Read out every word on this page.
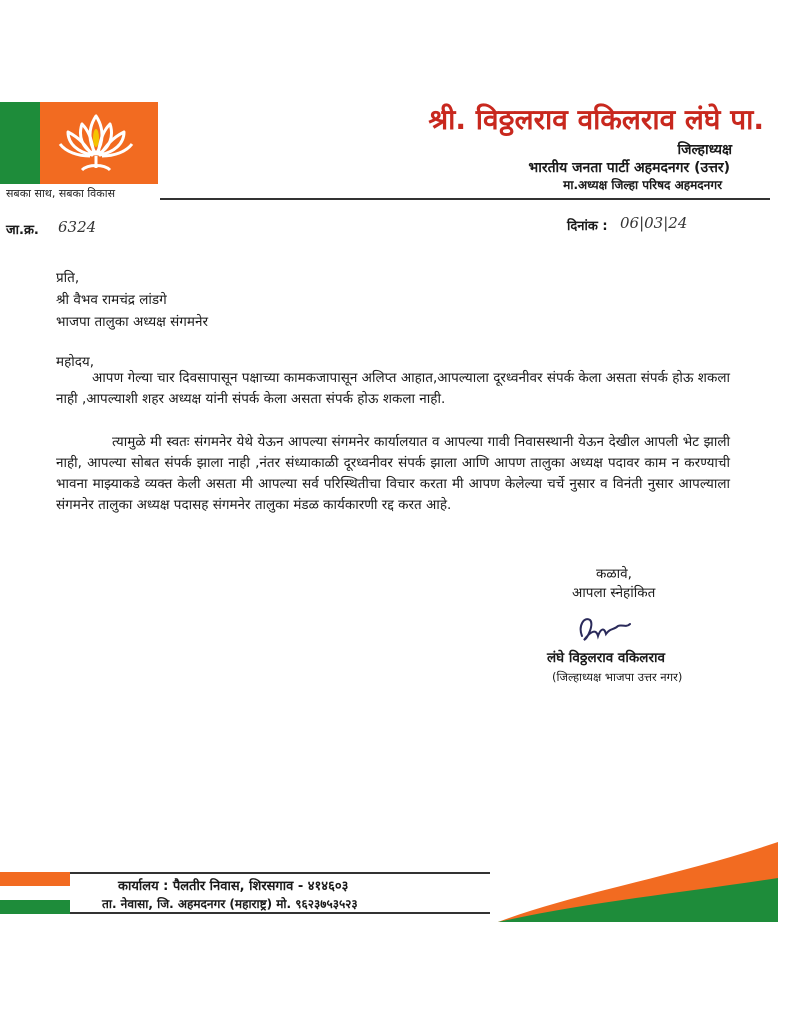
सबका साथ, सबका विकास
श्री. विठ्ठलराव वकिलराव लंघे पा.
जिल्हाध्यक्ष
भारतीय जनता पार्टी अहमदनगर (उत्तर)
मा.अध्यक्ष जिल्हा परिषद अहमदनगर
जा.क्र. 6324	दिनांक : 06|03|24
प्रति,
श्री वैभव रामचंद्र लांडगे
भाजपा तालुका अध्यक्ष संगमनेर
महोदय,
आपण गेल्या चार दिवसापासून पक्षाच्या कामकजापासून अलिप्त आहात,आपल्याला दूरध्वनीवर संपर्क केला असता संपर्क होऊ शकला नाही ,आपल्याशी शहर अध्यक्ष यांनी संपर्क केला असता संपर्क होऊ शकला नाही.
त्यामुळे मी स्वतः संगमनेर येथे येऊन आपल्या संगमनेर कार्यालयात व आपल्या गावी निवासस्थानी येऊन देखील आपली भेट झाली नाही, आपल्या सोबत संपर्क झाला नाही ,नंतर संध्याकाळी दूरध्वनीवर संपर्क झाला आणि आपण तालुका अध्यक्ष पदावर काम न करण्याची भावना माझ्याकडे व्यक्त केली असता मी आपल्या सर्व परिस्थितीचा विचार करता मी आपण केलेल्या चर्चे नुसार व विनंती नुसार आपल्याला संगमनेर तालुका अध्यक्ष पदासह संगमनेर तालुका मंडळ कार्यकारणी रद्द करत आहे.
कळावे,
आपला स्नेहांकित
लंघे विठ्ठलराव वकिलराव
(जिल्हाध्यक्ष भाजपा उत्तर नगर)
कार्यालय : पैलतीर निवास, शिरसगाव - ४१४६०३
ता. नेवासा, जि. अहमदनगर (महाराष्ट्र) मो. ९६२३७५३५२३
